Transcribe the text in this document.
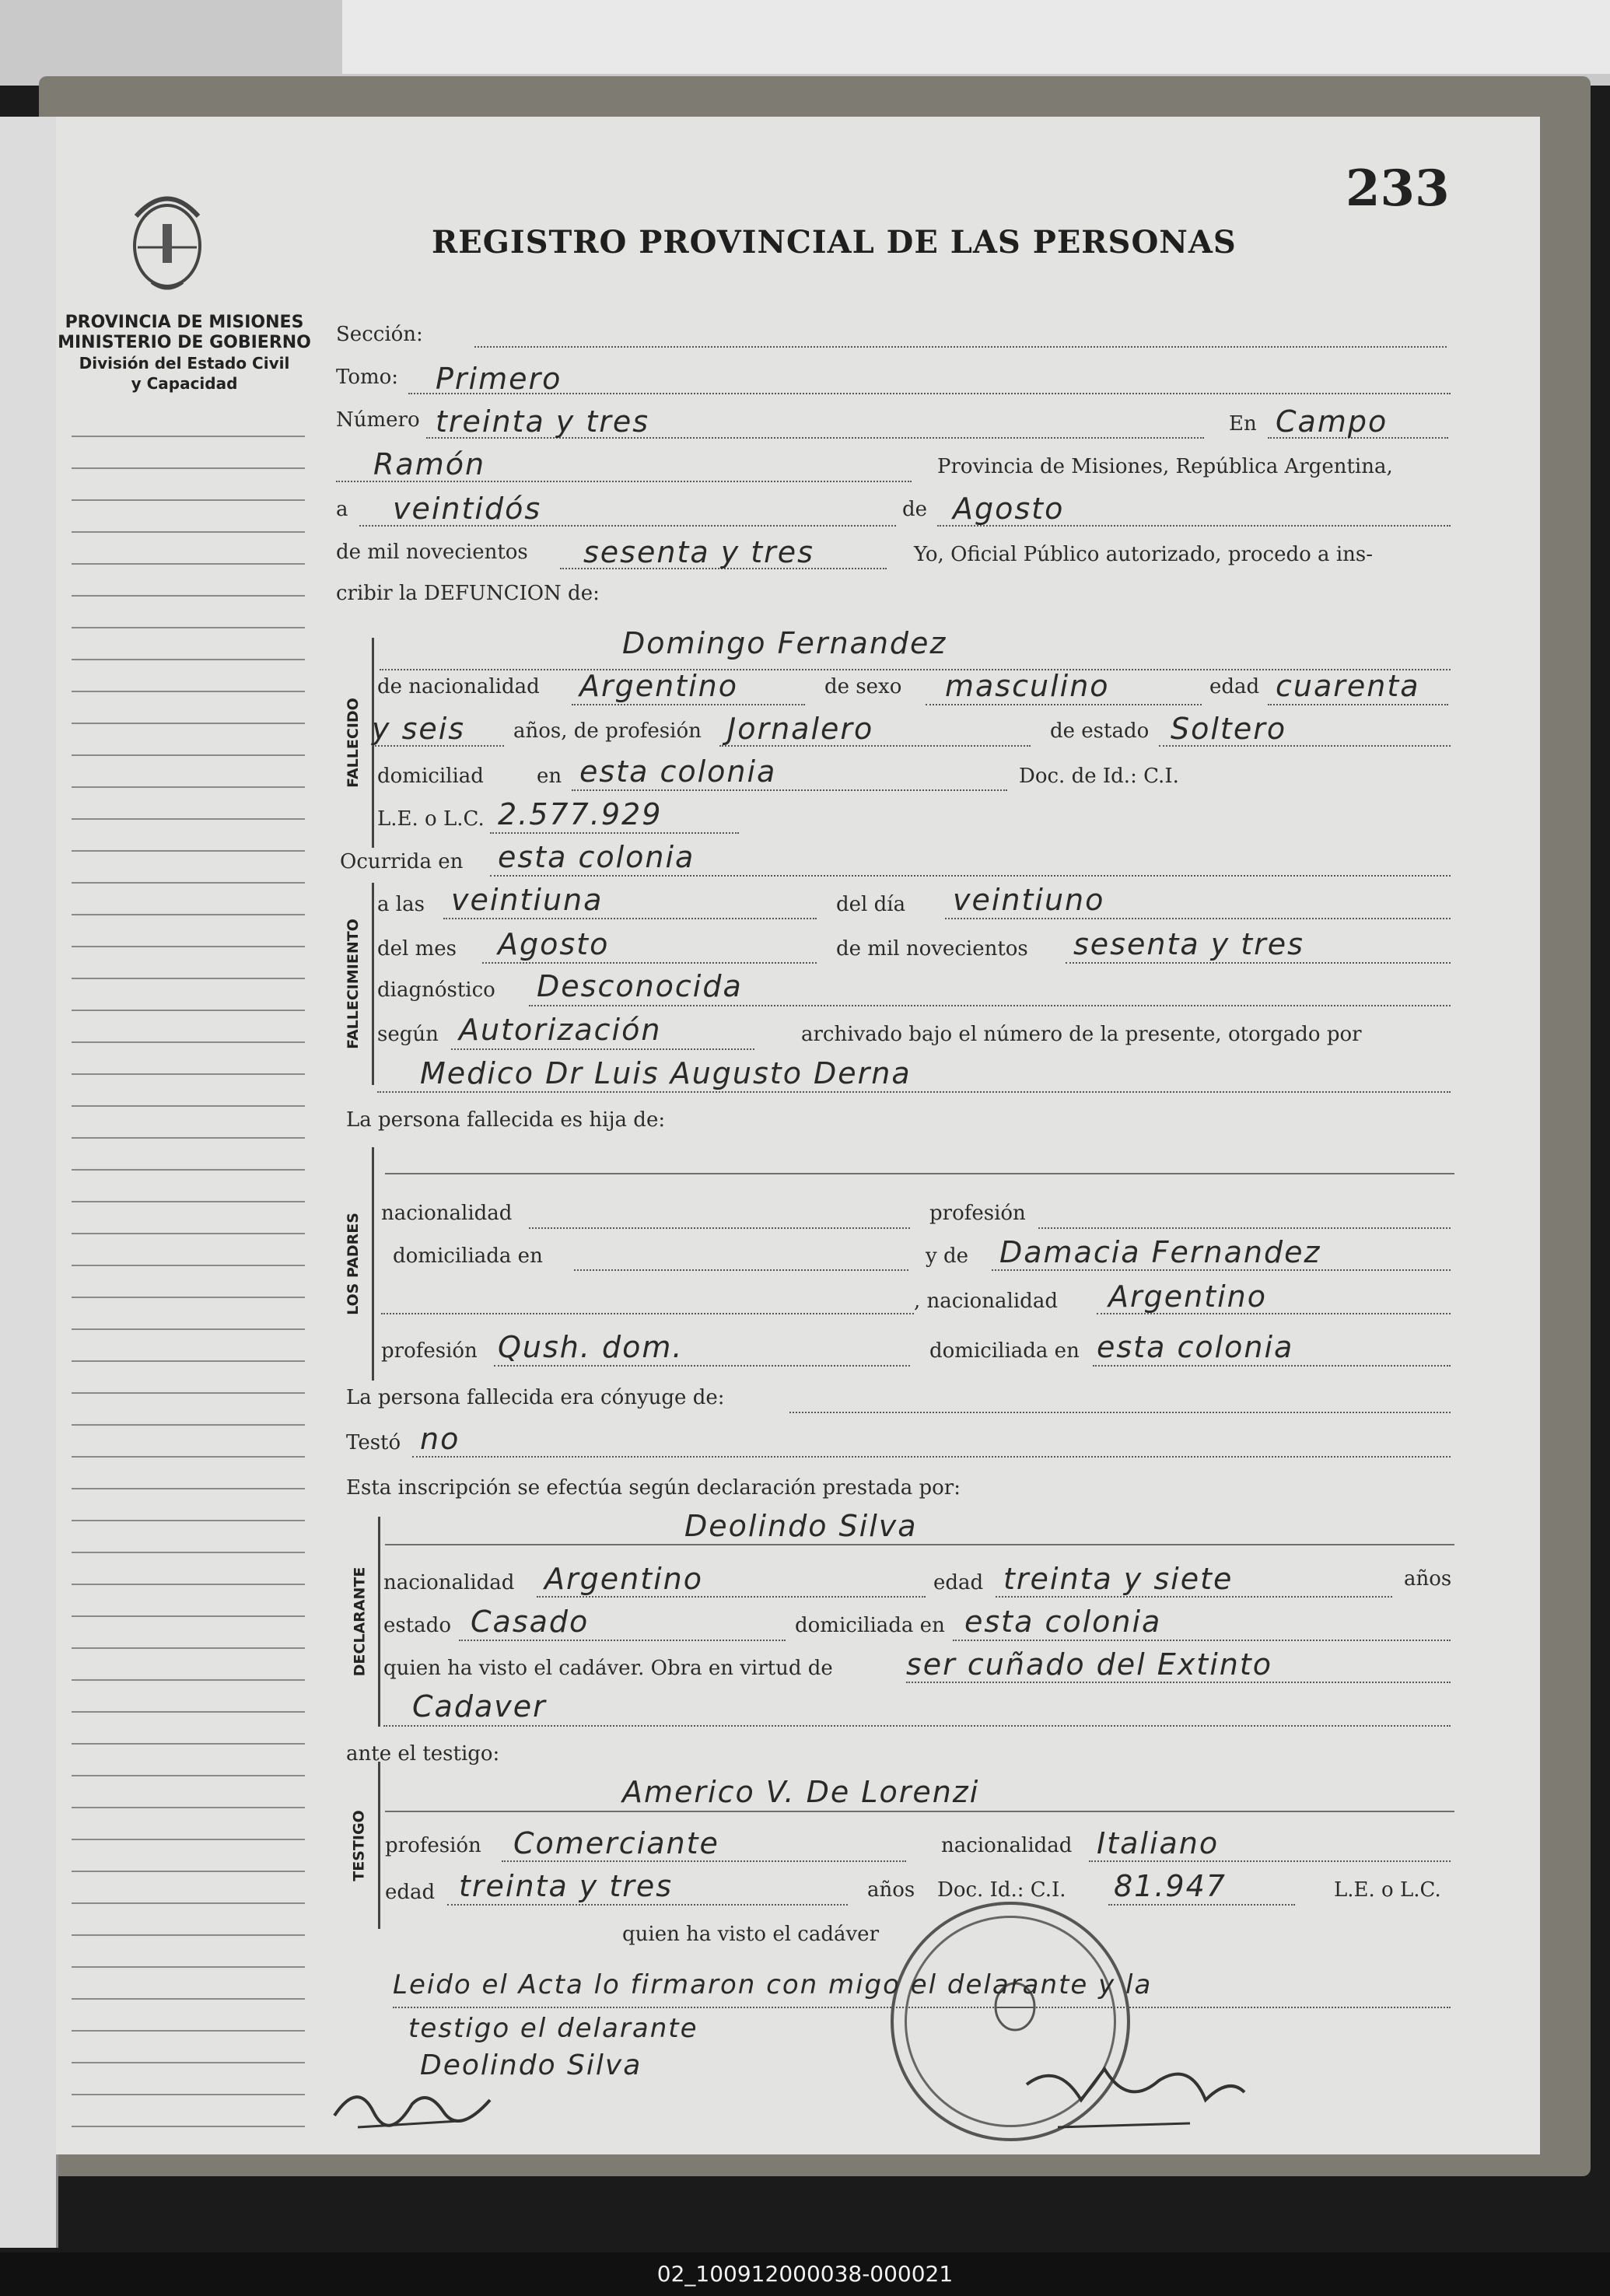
REGISTRO PROVINCIAL DE LAS PERSONAS
233
PROVINCIA DE MISIONES
MINISTERIO DE GOBIERNO
División del Estado Civil
y Capacidad
FALLECIDO
FALLECIMIENTO
LOS PADRES
DECLARANTE
TESTIGO
Sección:
Tomo: Primero
Número treinta y tres	En Campo
Ramón	Provincia de Misiones, República Argentina,
a veintidós	de Agosto
de mil novecientos sesenta y tres	Yo, Oficial Público autorizado, procedo a ins-
cribir la DEFUNCION de:
Domingo Fernandez
de nacionalidad Argentino	de sexo masculino	edad cuarenta
y seis años, de profesión Jornalero	de estado Soltero
domiciliad	en esta colonia	Doc. de Id.: C.I.
L.E. o L.C. 2.577.929
Ocurrida en esta colonia
a las veintiuna	del día veintiuno
del mes Agosto	de mil novecientos sesenta y tres
diagnóstico Desconocida
según Autorización	archivado bajo el número de la presente, otorgado por
Medico Dr Luis Augusto Derna
La persona fallecida es hija de:
nacionalidad	profesión
domiciliada en	y de Damacia Fernandez
, nacionalidad Argentino
profesión Qush. dom.	domiciliada en esta colonia
La persona fallecida era cónyuge de:
Testó no
Esta inscripción se efectúa según declaración prestada por:
Deolindo Silva
nacionalidad Argentino	edad treinta y siete	años
estado Casado	domiciliada en esta colonia
quien ha visto el cadáver. Obra en virtud de ser cuñado del Extinto
Cadaver
ante el testigo:
Americo V. De Lorenzi
profesión Comerciante	nacionalidad Italiano
edad treinta y tres	años Doc. Id.: C.I. 81.947	L.E. o L.C.
quien ha visto el cadáver
Leido el Acta lo firmaron con migo el delarante y la
testigo el delarante
Deolindo Silva
02_100912000038-000021
